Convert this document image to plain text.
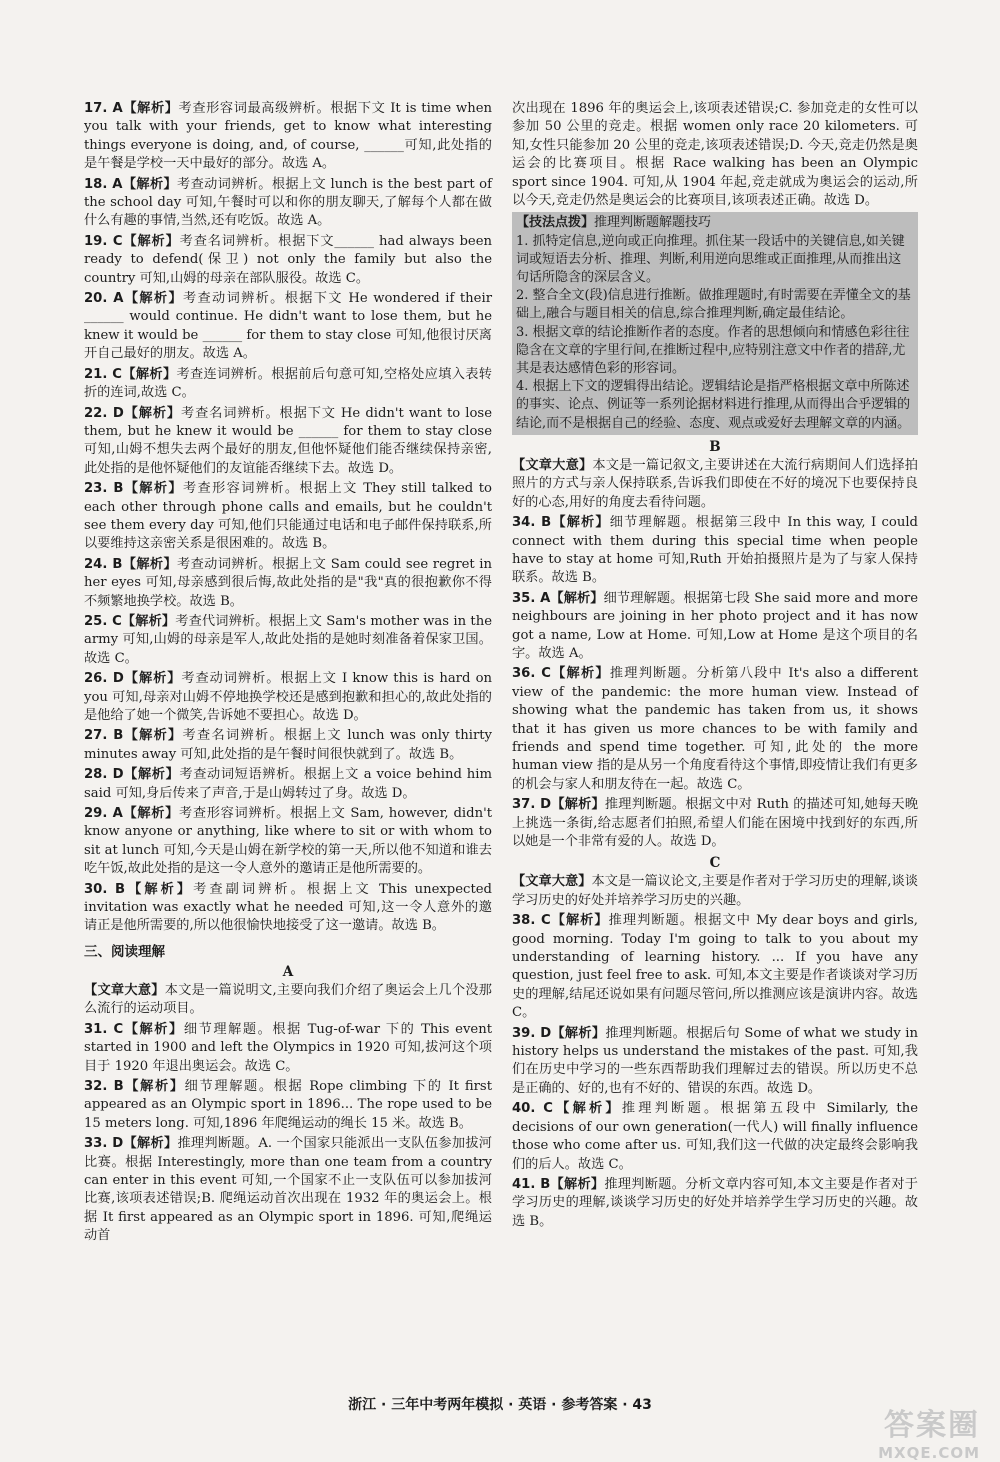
17. A【解析】考查形容词最高级辨析。根据下文 It is time when you talk with your friends, get to know what interesting things everyone is doing, and, of course, ______可知,此处指的是午餐是学校一天中最好的部分。故选 A。

18. A【解析】考查动词辨析。根据上文 lunch is the best part of the school day 可知,午餐时可以和你的朋友聊天,了解每个人都在做什么有趣的事情,当然,还有吃饭。故选 A。

19. C【解析】考查名词辨析。根据下文______ had always been ready to defend(保卫) not only the family but also the country 可知,山姆的母亲在部队服役。故选 C。

20. A【解析】考查动词辨析。根据下文 He wondered if their ______ would continue. He didn't want to lose them, but he knew it would be ______ for them to stay close 可知,他很讨厌离开自己最好的朋友。故选 A。

21. C【解析】考查连词辨析。根据前后句意可知,空格处应填入表转折的连词,故选 C。

22. D【解析】考查名词辨析。根据下文 He didn't want to lose them, but he knew it would be ______ for them to stay close 可知,山姆不想失去两个最好的朋友,但他怀疑他们能否继续保持亲密,此处指的是他怀疑他们的友谊能否继续下去。故选 D。

23. B【解析】考查形容词辨析。根据上文 They still talked to each other through phone calls and emails, but he couldn't see them every day 可知,他们只能通过电话和电子邮件保持联系,所以要维持这亲密关系是很困难的。故选 B。

24. B【解析】考查动词辨析。根据上文 Sam could see regret in her eyes 可知,母亲感到很后悔,故此处指的是"我"真的很抱歉你不得不频繁地换学校。故选 B。

25. C【解析】考查代词辨析。根据上文 Sam's mother was in the army 可知,山姆的母亲是军人,故此处指的是她时刻准备着保家卫国。故选 C。

26. D【解析】考查动词辨析。根据上文 I know this is hard on you 可知,母亲对山姆不停地换学校还是感到抱歉和担心的,故此处指的是他给了她一个微笑,告诉她不要担心。故选 D。

27. B【解析】考查名词辨析。根据上文 lunch was only thirty minutes away 可知,此处指的是午餐时间很快就到了。故选 B。

28. D【解析】考查动词短语辨析。根据上文 a voice behind him said 可知,身后传来了声音,于是山姆转过了身。故选 D。

29. A【解析】考查形容词辨析。根据上文 Sam, however, didn't know anyone or anything, like where to sit or with whom to sit at lunch 可知,今天是山姆在新学校的第一天,所以他不知道和谁去吃午饭,故此处指的是这一令人意外的邀请正是他所需要的。

30. B【解析】考查副词辨析。根据上文 This unexpected invitation was exactly what he needed 可知,这一令人意外的邀请正是他所需要的,所以他很愉快地接受了这一邀请。故选 B。

三、阅读理解
A

【文章大意】本文是一篇说明文,主要向我们介绍了奥运会上几个没那么流行的运动项目。

31. C【解析】细节理解题。根据 Tug-of-war 下的 This event started in 1900 and left the Olympics in 1920 可知,拔河这个项目于 1920 年退出奥运会。故选 C。

32. B【解析】细节理解题。根据 Rope climbing 下的 It first appeared as an Olympic sport in 1896... The rope used to be 15 meters long. 可知,1896 年爬绳运动的绳长 15 米。故选 B。

33. D【解析】推理判断题。A. 一个国家只能派出一支队伍参加拔河比赛。根据 Interestingly, more than one team from a country can enter in this event 可知,一个国家不止一支队伍可以参加拔河比赛,该项表述错误;B. 爬绳运动首次出现在 1932 年的奥运会上。根据 It first appeared as an Olympic sport in 1896. 可知,爬绳运动首

次出现在 1896 年的奥运会上,该项表述错误;C. 参加竞走的女性可以参加 50 公里的竞走。根据 women only race 20 kilometers. 可知,女性只能参加 20 公里的竞走,该项表述错误;D. 今天,竞走仍然是奥运会的比赛项目。根据 Race walking has been an Olympic sport since 1904. 可知,从 1904 年起,竞走就成为奥运会的运动,所以今天,竞走仍然是奥运会的比赛项目,该项表述正确。故选 D。

【技法点拨】推理判断题解题技巧

1. 抓特定信息,逆向或正向推理。抓住某一段话中的关键信息,如关键词或短语去分析、推理、判断,利用逆向思维或正面推理,从而推出这句话所隐含的深层含义。

2. 整合全文(段)信息进行推断。做推理题时,有时需要在弄懂全文的基础上,融合与题目相关的信息,综合推理判断,确定最佳结论。

3. 根据文章的结论推断作者的态度。作者的思想倾向和情感色彩往往隐含在文章的字里行间,在推断过程中,应特别注意文中作者的措辞,尤其是表达感情色彩的形容词。

4. 根据上下文的逻辑得出结论。逻辑结论是指严格根据文章中所陈述的事实、论点、例证等一系列论据材料进行推理,从而得出合乎逻辑的结论,而不是根据自己的经验、态度、观点或爱好去理解文章的内涵。

B

【文章大意】本文是一篇记叙文,主要讲述在大流行病期间人们选择拍照片的方式与亲人保持联系,告诉我们即使在不好的境况下也要保持良好的心态,用好的角度去看待问题。

34. B【解析】细节理解题。根据第三段中 In this way, I could connect with them during this special time when people have to stay at home 可知,Ruth 开始拍摄照片是为了与家人保持联系。故选 B。

35. A【解析】细节理解题。根据第七段 She said more and more neighbours are joining in her photo project and it has now got a name, Low at Home. 可知,Low at Home 是这个项目的名字。故选 A。

36. C【解析】推理判断题。分析第八段中 It's also a different view of the pandemic: the more human view. Instead of showing what the pandemic has taken from us, it shows that it has given us more chances to be with family and friends and spend time together. 可知,此处的 the more human view 指的是从另一个角度看待这个事情,即疫情让我们有更多的机会与家人和朋友待在一起。故选 C。

37. D【解析】推理判断题。根据文中对 Ruth 的描述可知,她每天晚上挑选一条街,给志愿者们拍照,希望人们能在困境中找到好的东西,所以她是一个非常有爱的人。故选 D。

C

【文章大意】本文是一篇议论文,主要是作者对于学习历史的理解,谈谈学习历史的好处并培养学习历史的兴趣。

38. C【解析】推理判断题。根据文中 My dear boys and girls, good morning. Today I'm going to talk to you about my understanding of learning history. ... If you have any question, just feel free to ask. 可知,本文主要是作者谈谈对学习历史的理解,结尾还说如果有问题尽管问,所以推测应该是演讲内容。故选 C。

39. D【解析】推理判断题。根据后句 Some of what we study in history helps us understand the mistakes of the past. 可知,我们在历史中学习的一些东西帮助我们理解过去的错误。所以历史不总是正确的、好的,也有不好的、错误的东西。故选 D。

40. C【解析】推理判断题。根据第五段中 Similarly, the decisions of our own generation(一代人) will finally influence those who come after us. 可知,我们这一代做的决定最终会影响我们的后人。故选 C。

41. B【解析】推理判断题。分析文章内容可知,本文主要是作者对于学习历史的理解,谈谈学习历史的好处并培养学生学习历史的兴趣。故选 B。

浙江 · 三年中考两年模拟 · 英语 · 参考答案 · 43
答案圈
MXQE.COM
